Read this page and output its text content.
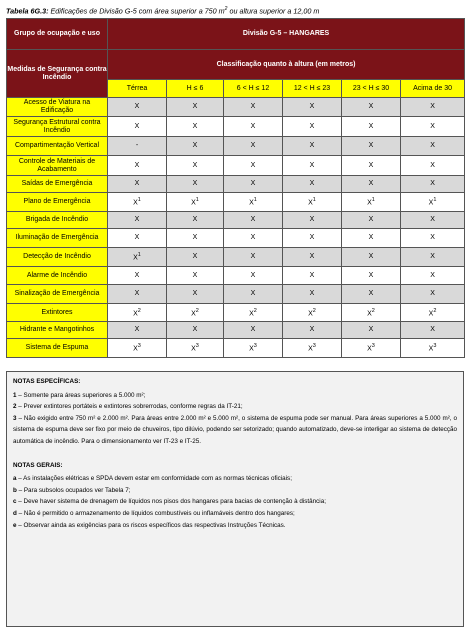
Tabela 6G.3: Edificações de Divisão G-5 com área superior a 750 $m^2$ ou altura superior a 12,00 m
Grupo de ocupação e uso	Divisão G-5 – HANGARES					
Medidas de Segurança contra Incêndio	Classificação quanto à altura (em metros)					
	Térrea	H ≤ 6	6 < H ≤ 12	12 < H ≤ 23	23 < H ≤ 30	Acima de 30
Acesso de Viatura na Edificação	X	X	X	X	X	X
Segurança Estrutural contra Incêndio	X	X	X	X	X	X
Compartimentação Vertical	-	X	X	X	X	X
Controle de Materiais de Acabamento	X	X	X	X	X	X
Saídas de Emergência	X	X	X	X	X	X
Plano de Emergência	$X^1$	$X^1$	$X^1$	$X^1$	$X^1$	$X^1$
Brigada de Incêndio	X	X	X	X	X	X
Iluminação de Emergência	X	X	X	X	X	X
Detecção de Incêndio	$X^1$	X	X	X	X	X
Alarme de Incêndio	X	X	X	X	X	X
Sinalização de Emergência	X	X	X	X	X	X
Extintores	$X^2$	$X^2$	$X^2$	$X^2$	$X^2$	$X^2$
Hidrante e Mangotinhos	X	X	X	X	X	X
Sistema de Espuma	$X^3$	$X^3$	$X^3$	$X^3$	$X^3$	$X^3$
NOTAS ESPECÍFICAS:
1 – Somente para áreas superiores a 5.000 m²;
2 – Prever extintores portáteis e extintores sobrerrodas, conforme regras da IT-21;
3 – Não exigido entre 750 m² e 2.000 m². Para áreas entre 2.000 m² e 5.000 m², o sistema de espuma pode ser manual. Para áreas superiores a 5.000 m², o sistema de espuma deve ser fixo por meio de chuveiros, tipo dilúvio, podendo ser setorizado; quando automatizado, deve-se interligar ao sistema de detecção automática de incêndio. Para o dimensionamento ver IT-23 e IT-25.
NOTAS GERAIS:
a – As instalações elétricas e SPDA devem estar em conformidade com as normas técnicas oficiais;
b – Para subsolos ocupados ver Tabela 7;
c – Deve haver sistema de drenagem de líquidos nos pisos dos hangares para bacias de contenção à distância;
d – Não é permitido o armazenamento de líquidos combustíveis ou inflamáveis dentro dos hangares;
e – Observar ainda as exigências para os riscos específicos das respectivas Instruções Técnicas.
